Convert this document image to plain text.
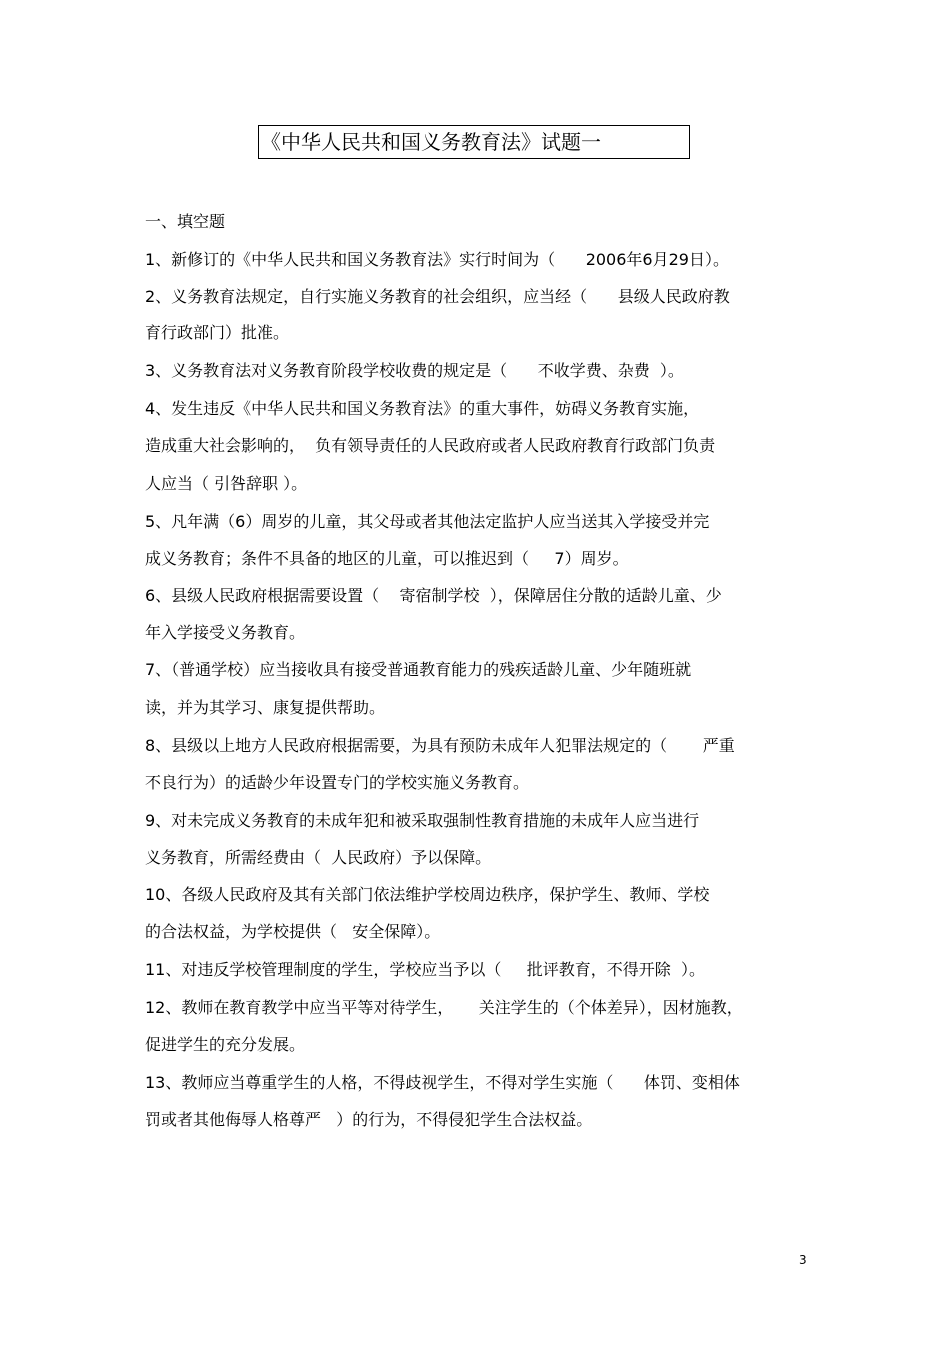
《中华人民共和国义务教育法》试题一
一、填空题
1、新修订的《中华人民共和国义务教育法》实行时间为（      2006年6月29日）。
2、义务教育法规定，自行实施义务教育的社会组织，应当经（      县级人民政府教
育行政部门）批准。
3、义务教育法对义务教育阶段学校收费的规定是（      不收学费、杂费  ）。
4、发生违反《中华人民共和国义务教育法》的重大事件，妨碍义务教育实施，
造成重大社会影响的，  负有领导责任的人民政府或者人民政府教育行政部门负责
人应当（ 引咎辞职 ）。
5、凡年满（6）周岁的儿童，其父母或者其他法定监护人应当送其入学接受并完
成义务教育；条件不具备的地区的儿童，可以推迟到（     7）周岁。
6、县级人民政府根据需要设置（    寄宿制学校  ），保障居住分散的适龄儿童、少
年入学接受义务教育。
7、（普通学校）应当接收具有接受普通教育能力的残疾适龄儿童、少年随班就
读，并为其学习、康复提供帮助。
8、县级以上地方人民政府根据需要，为具有预防未成年人犯罪法规定的（       严重
不良行为）的适龄少年设置专门的学校实施义务教育。
9、对未完成义务教育的未成年犯和被采取强制性教育措施的未成年人应当进行
义务教育，所需经费由（  人民政府）予以保障。
10、各级人民政府及其有关部门依法维护学校周边秩序，保护学生、教师、学校
的合法权益，为学校提供（   安全保障）。
11、对违反学校管理制度的学生，学校应当予以（     批评教育，不得开除  ）。
12、教师在教育教学中应当平等对待学生，     关注学生的（个体差异），因材施教，
促进学生的充分发展。
13、教师应当尊重学生的人格，不得歧视学生，不得对学生实施（      体罚、变相体
罚或者其他侮辱人格尊严   ）的行为，不得侵犯学生合法权益。
3
